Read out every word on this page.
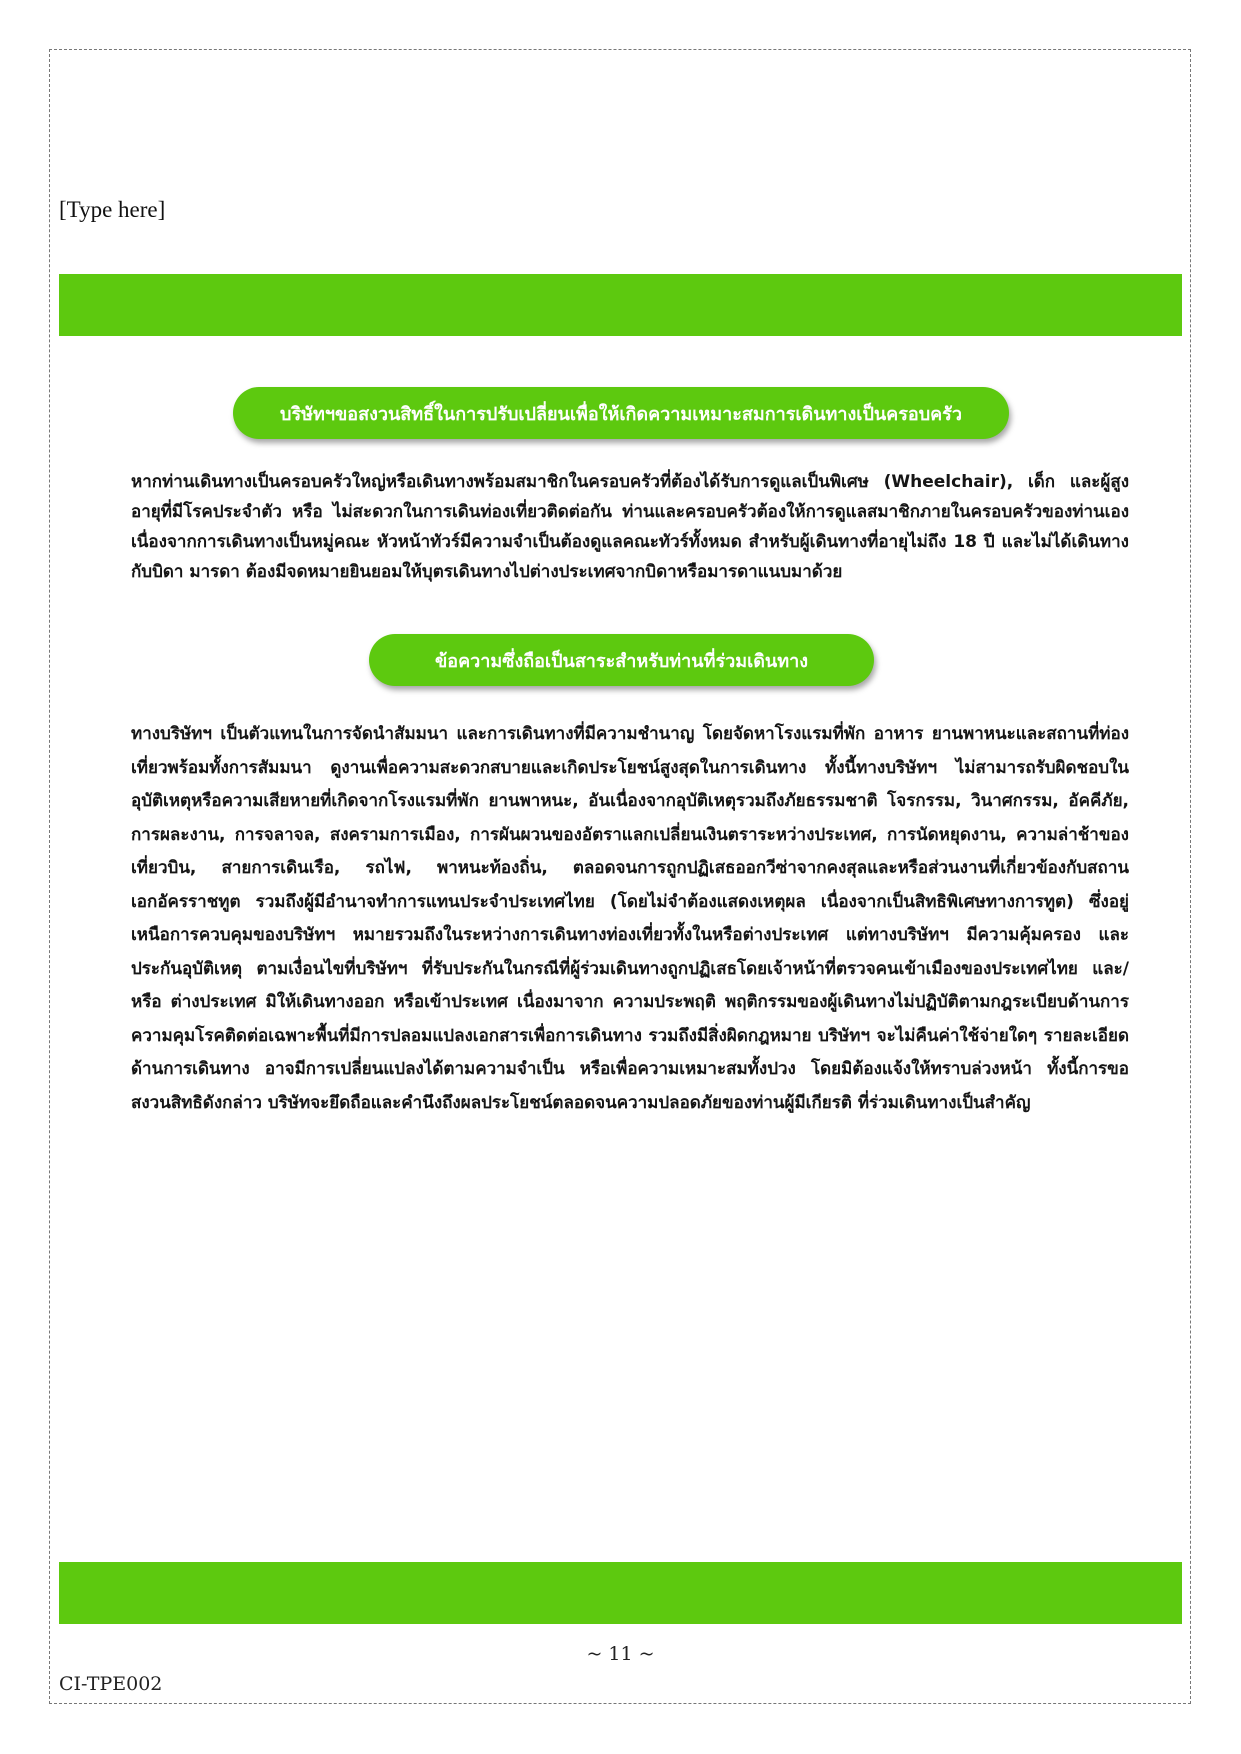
[Type here]
บริษัทฯขอสงวนสิทธิ์ในการปรับเปลี่ยนเพื่อให้เกิดความเหมาะสมการเดินทางเป็นครอบครัว

หากท่านเดินทางเป็นครอบครัวใหญ่หรือเดินทางพร้อมสมาชิกในครอบครัวที่ต้องได้รับการดูแลเป็นพิเศษ (Wheelchair), เด็ก และผู้สูงอายุที่มีโรคประจำตัว หรือ ไม่สะดวกในการเดินท่องเที่ยวติดต่อกัน ท่านและครอบครัวต้องให้การดูแลสมาชิกภายในครอบครัวของท่านเอง เนื่องจากการเดินทางเป็นหมู่คณะ หัวหน้าทัวร์มีความจำเป็นต้องดูแลคณะทัวร์ทั้งหมด สำหรับผู้เดินทางที่อายุไม่ถึง 18 ปี และไม่ได้เดินทางกับบิดา มารดา ต้องมีจดหมายยินยอมให้บุตรเดินทางไปต่างประเทศจากบิดาหรือมารดาแนบมาด้วย

ข้อความซึ่งถือเป็นสาระสำหรับท่านที่ร่วมเดินทาง

ทางบริษัทฯ เป็นตัวแทนในการจัดนำสัมมนา และการเดินทางที่มีความชำนาญ โดยจัดหาโรงแรมที่พัก อาหาร ยานพาหนะและสถานที่ท่องเที่ยวพร้อมทั้งการสัมมนา ดูงานเพื่อความสะดวกสบายและเกิดประโยชน์สูงสุดในการเดินทาง ทั้งนี้ทางบริษัทฯ ไม่สามารถรับผิดชอบในอุบัติเหตุหรือความเสียหายที่เกิดจากโรงแรมที่พัก ยานพาหนะ, อันเนื่องจากอุบัติเหตุรวมถึงภัยธรรมชาติ โจรกรรม, วินาศกรรม, อัคคีภัย, การผละงาน, การจลาจล, สงครามการเมือง, การผันผวนของอัตราแลกเปลี่ยนเงินตราระหว่างประเทศ, การนัดหยุดงาน, ความล่าช้าของเที่ยวบิน, สายการเดินเรือ, รถไฟ, พาหนะท้องถิ่น, ตลอดจนการถูกปฏิเสธออกวีซ่าจากคงสุลและหรือส่วนงานที่เกี่ยวข้องกับสถานเอกอัครราชทูต รวมถึงผู้มีอำนาจทำการแทนประจำประเทศไทย (โดยไม่จำต้องแสดงเหตุผล เนื่องจากเป็นสิทธิพิเศษทางการทูต) ซึ่งอยู่เหนือการควบคุมของบริษัทฯ หมายรวมถึงในระหว่างการเดินทางท่องเที่ยวทั้งในหรือต่างประเทศ แต่ทางบริษัทฯ มีความคุ้มครอง และประกันอุบัติเหตุ ตามเงื่อนไขที่บริษัทฯ ที่รับประกันในกรณีที่ผู้ร่วมเดินทางถูกปฏิเสธโดยเจ้าหน้าที่ตรวจคนเข้าเมืองของประเทศไทย และ/หรือ ต่างประเทศ มิให้เดินทางออก หรือเข้าประเทศ เนื่องมาจาก ความประพฤติ พฤติกรรมของผู้เดินทางไม่ปฏิบัติตามกฎระเบียบด้านการความคุมโรคติดต่อเฉพาะพื้นที่มีการปลอมแปลงเอกสารเพื่อการเดินทาง รวมถึงมีสิ่งผิดกฎหมาย บริษัทฯ จะไม่คืนค่าใช้จ่ายใดๆ รายละเอียดด้านการเดินทาง อาจมีการเปลี่ยนแปลงได้ตามความจำเป็น หรือเพื่อความเหมาะสมทั้งปวง โดยมิต้องแจ้งให้ทราบล่วงหน้า ทั้งนี้การขอสงวนสิทธิดังกล่าว บริษัทจะยึดถือและคำนึงถึงผลประโยชน์ตลอดจนความปลอดภัยของท่านผู้มีเกียรติ ที่ร่วมเดินทางเป็นสำคัญ

~ 11 ~
CI-TPE002
